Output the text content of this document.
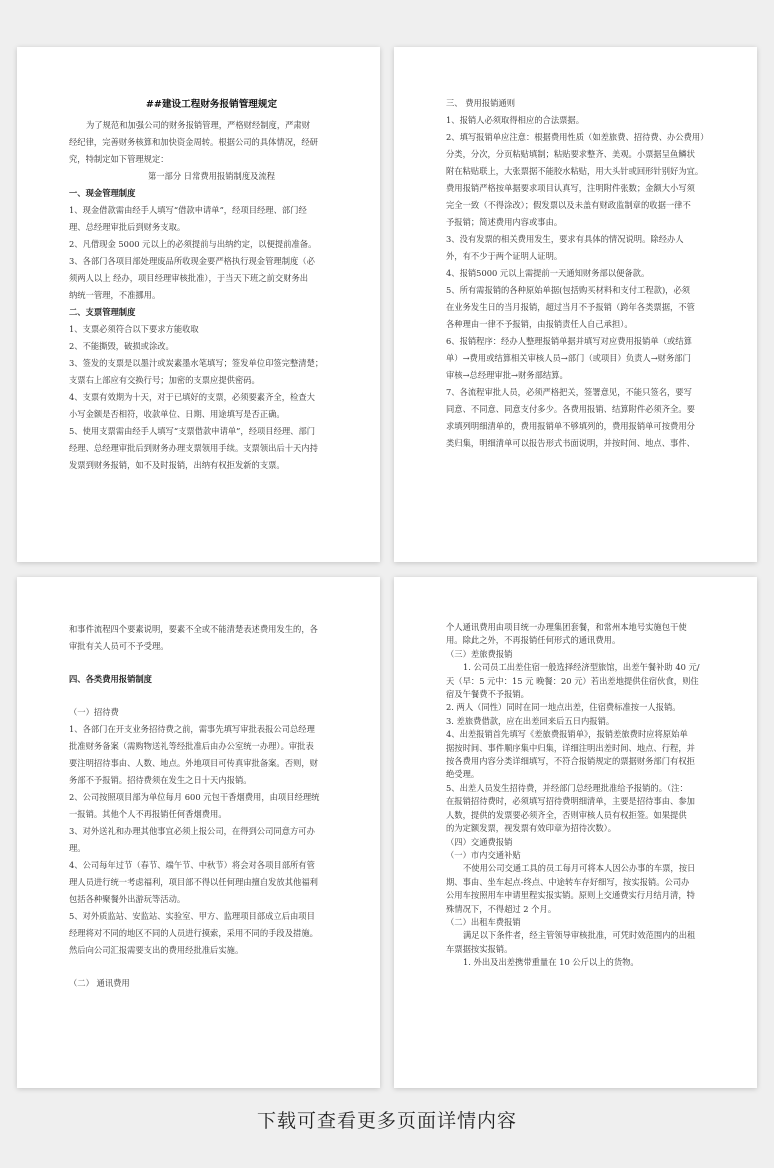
##建设工程财务报销管理规定
为了规范和加强公司的财务报销管理，严格财经制度，严肃财
经纪律，完善财务核算和加快资金周转。根据公司的具体情况，经研
究，特制定如下管理规定：
第一部分 日常费用报销制度及流程
一、现金管理制度
1、现金借款需由经手人填写“借款申请单”，经项目经理、部门经
理、总经理审批后到财务支取。
2、凡借现金 5000 元以上的必须提前与出纳约定，以便提前准备。
3、各部门各项目部处理废品所收现金要严格执行现金管理制度（必
须两人以上 经办，项目经理审核批准），于当天下班之前交财务出
纳统一管理，不准挪用。
二、支票管理制度
1、支票必须符合以下要求方能收取
2、不能撕毁，破损或涂改。
3、签发的支票是以墨汁或炭素墨水笔填写；签发单位印签完整清楚；
支票右上部应有交换行号；加密的支票应提供密码。
4、支票有效期为十天，对于已填好的支票，必须要素齐全，检查大
小写金额是否相符，收款单位、日期、用途填写是否正确。
5、使用支票需由经手人填写“支票借款申请单”，经项目经理、部门
经理、总经理审批后到财务办理支票领用手续。支票领出后十天内持
发票到财务报销，如不及时报销，出纳有权拒发新的支票。
三、 费用报销通则
1、报销人必须取得相应的合法票据。
2、填写报销单应注意：根据费用性质（如差旅费、招待费、办公费用）
分类，分次，分页粘贴填制；粘贴要求整齐、美观。小票据呈鱼鳞状
附在粘贴联上，大张票据不能胶水粘贴，用大头针或回形针别好为宜。
费用报销严格按单据要求项目认真写，注明附件张数；金额大小写须
完全一致（不得涂改）；假发票以及未盖有财政监制章的收据一律不
予报销；简述费用内容或事由。
3、没有发票的相关费用发生，要求有具体的情况说明。除经办人
外，有不少于两个证明人证明。
4、报销5000 元以上需提前一天通知财务部以便备款。
5、所有需报销的各种原始单据(包括购买材料和支付工程款)，必须
在业务发生日的当月报销，超过当月不予报销（跨年各类票据，不管
各种理由一律不予报销，由报销责任人自己承担）。
6、报销程序：经办人整理报销单据并填写对应费用报销单（或结算
单）→费用或结算相关审核人员→部门（或项目）负责人→财务部门
审核→总经理审批→财务部结算。
7、各流程审批人员，必须严格把关，签署意见，不能只签名，要写
同意、不同意、同意支付多少。各费用报销、结算附件必须齐全。要
求填列明细清单的，费用报销单不够填列的，费用报销单可按费用分
类归集，明细清单可以报告形式书面说明，并按时间、地点、事件、
和事件流程四个要素说明，要素不全或不能清楚表述费用发生的，各
审批有关人员可不予受理。
四、各类费用报销制度
（一）招待费
1、各部门在开支业务招待费之前，需事先填写审批表报公司总经理
批准财务备案（需购物送礼等经批准后由办公室统一办理）。审批表
要注明招待事由、人数、地点。外地项目可传真审批备案。否则，财
务部不予报销。招待费须在发生之日十天内报销。
2、公司按照项目部为单位每月 600 元包干香烟费用，由项目经理统
一报销。其他个人不再报销任何香烟费用。
3、对外送礼和办理其他事宜必须上报公司，在得到公司同意方可办
理。
4、公司每年过节（春节、端午节、中秋节）将会对各项目部所有管
理人员进行统一考虑福利，项目部不得以任何理由擅自发放其他福利
包括各种聚餐外出游玩等活动。
5、对外质监站、安监站、实验室、甲方、监理项目部成立后由项目
经理将对不同的地区不同的人员进行摸索，采用不同的手段及措施。
然后向公司汇报需要支出的费用经批准后实施。
（二） 通讯费用
个人通讯费用由项目统一办理集团套餐，和常州本地号实施包干使
用。除此之外，不再报销任何形式的通讯费用。
（三）差旅费报销
1. 公司员工出差住宿一般选择经济型旅馆，出差午餐补助 40 元/
天（早：5 元中：15 元 晚餐：20 元）若出差地提供住宿伙食，则住
宿及午餐费不予报销。
2. 两人（同性）同时在同一地点出差，住宿费标准按一人报销。
3. 差旅费借款，应在出差回来后五日内报销。
4、出差报销首先填写《差旅费报销单》，报销差旅费时应将原始单
据按时间、事件顺序集中归集，详细注明出差时间、地点、行程，并
按各费用内容分类详细填写，不符合报销规定的票据财务部门有权拒
绝受理。
5、出差人员发生招待费，并经部门总经理批准给予报销的。（注：
在报销招待费时，必须填写招待费明细清单，主要是招待事由、参加
人数，提供的发票要必须齐全，否则审核人员有权拒签。如果提供
的为定额发票，视发票有效印章为招待次数）。
（四）交通费报销
（一）市内交通补贴
不使用公司交通工具的员工每月可将本人因公办事的车票，按日
期、事由、坐车起点-终点、中途转车存好细写，按实报销。公司办
公用车按照用车申请里程实报实销。原则上交通费实行月结月清，特
殊情况下，不得超过 2 个月。
（二）出租车费报销
满足以下条件者，经主管领导审核批准，可凭时效范围内的出租
车票据按实报销。
1. 外出及出差携带重量在 10 公斤以上的货物。
下载可查看更多页面详情内容
